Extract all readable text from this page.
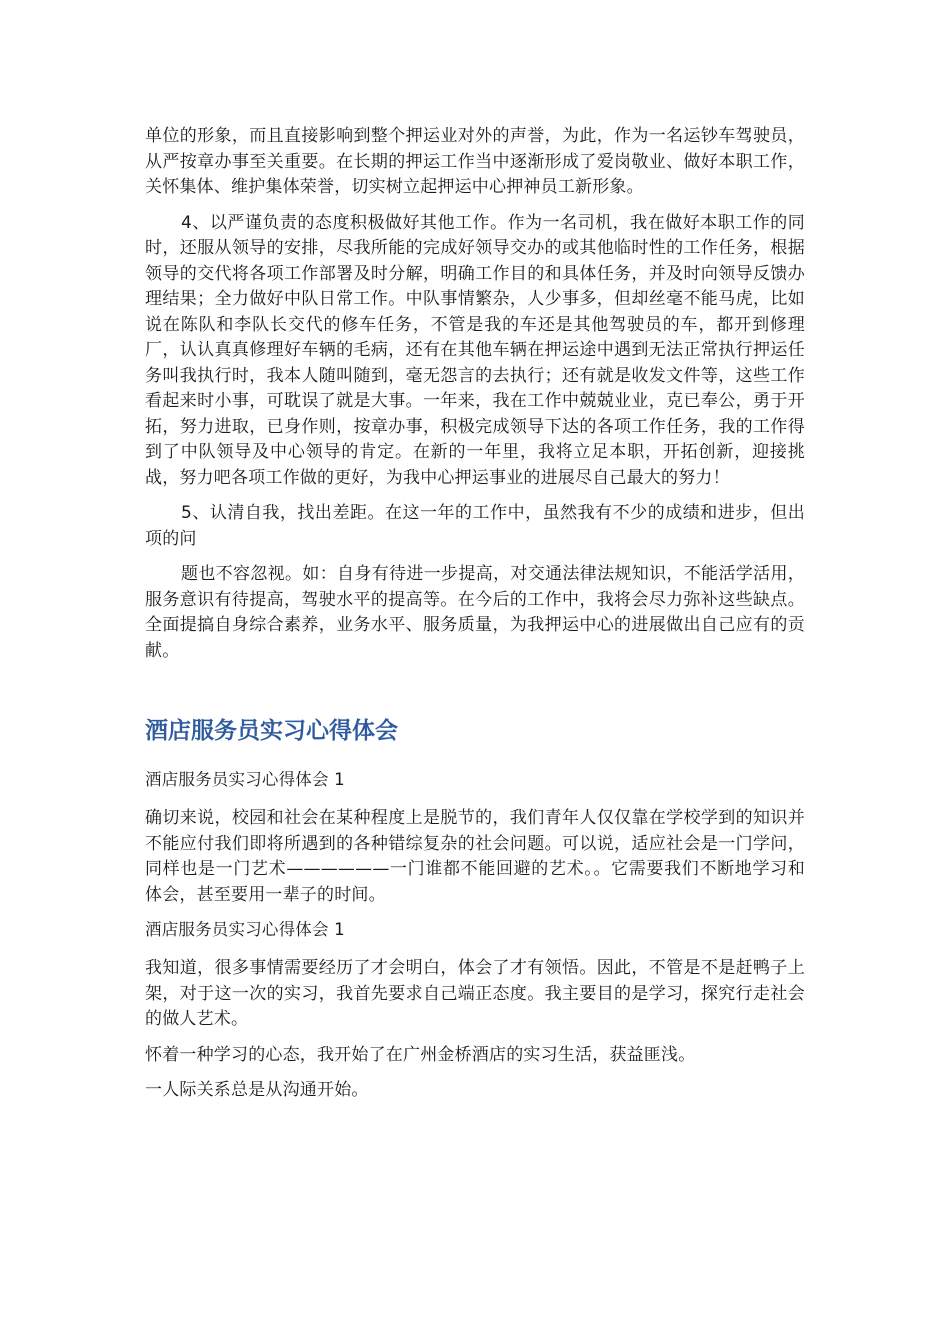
单位的形象，而且直接影响到整个押运业对外的声誉，为此，作为一名运钞车驾驶员，从严按章办事至关重要。在长期的押运工作当中逐渐形成了爱岗敬业、做好本职工作，关怀集体、维护集体荣誉，切实树立起押运中心押神员工新形象。

4、以严谨负责的态度积极做好其他工作。作为一名司机，我在做好本职工作的同时，还服从领导的安排，尽我所能的完成好领导交办的或其他临时性的工作任务，根据领导的交代将各项工作部署及时分解，明确工作目的和具体任务，并及时向领导反馈办理结果；全力做好中队日常工作。中队事情繁杂，人少事多，但却丝毫不能马虎，比如说在陈队和李队长交代的修车任务，不管是我的车还是其他驾驶员的车，都开到修理厂，认认真真修理好车辆的毛病，还有在其他车辆在押运途中遇到无法正常执行押运任务叫我执行时，我本人随叫随到，毫无怨言的去执行；还有就是收发文件等，这些工作看起来时小事，可耽误了就是大事。一年来，我在工作中兢兢业业，克已奉公，勇于开拓，努力进取，已身作则，按章办事，积极完成领导下达的各项工作任务，我的工作得到了中队领导及中心领导的肯定。在新的一年里，我将立足本职，开拓创新，迎接挑战，努力吧各项工作做的更好，为我中心押运事业的进展尽自己最大的努力！

5、认清自我，找出差距。在这一年的工作中，虽然我有不少的成绩和进步，但出项的问

题也不容忽视。如：自身有待进一步提高，对交通法律法规知识，不能活学活用，服务意识有待提高，驾驶水平的提高等。在今后的工作中，我将会尽力弥补这些缺点。全面提搞自身综合素养，业务水平、服务质量，为我押运中心的进展做出自己应有的贡献。

酒店服务员实习心得体会

酒店服务员实习心得体会 1

确切来说，校园和社会在某种程度上是脱节的，我们青年人仅仅靠在学校学到的知识并不能应付我们即将所遇到的各种错综复杂的社会问题。可以说，适应社会是一门学问，同样也是一门艺术——————一门谁都不能回避的艺术。。它需要我们不断地学习和体会，甚至要用一辈子的时间。

酒店服务员实习心得体会 1

我知道，很多事情需要经历了才会明白，体会了才有领悟。因此，不管是不是赶鸭子上架，对于这一次的实习，我首先要求自己端正态度。我主要目的是学习，探究行走社会的做人艺术。

怀着一种学习的心态，我开始了在广州金桥酒店的实习生活，获益匪浅。

一人际关系总是从沟通开始。
